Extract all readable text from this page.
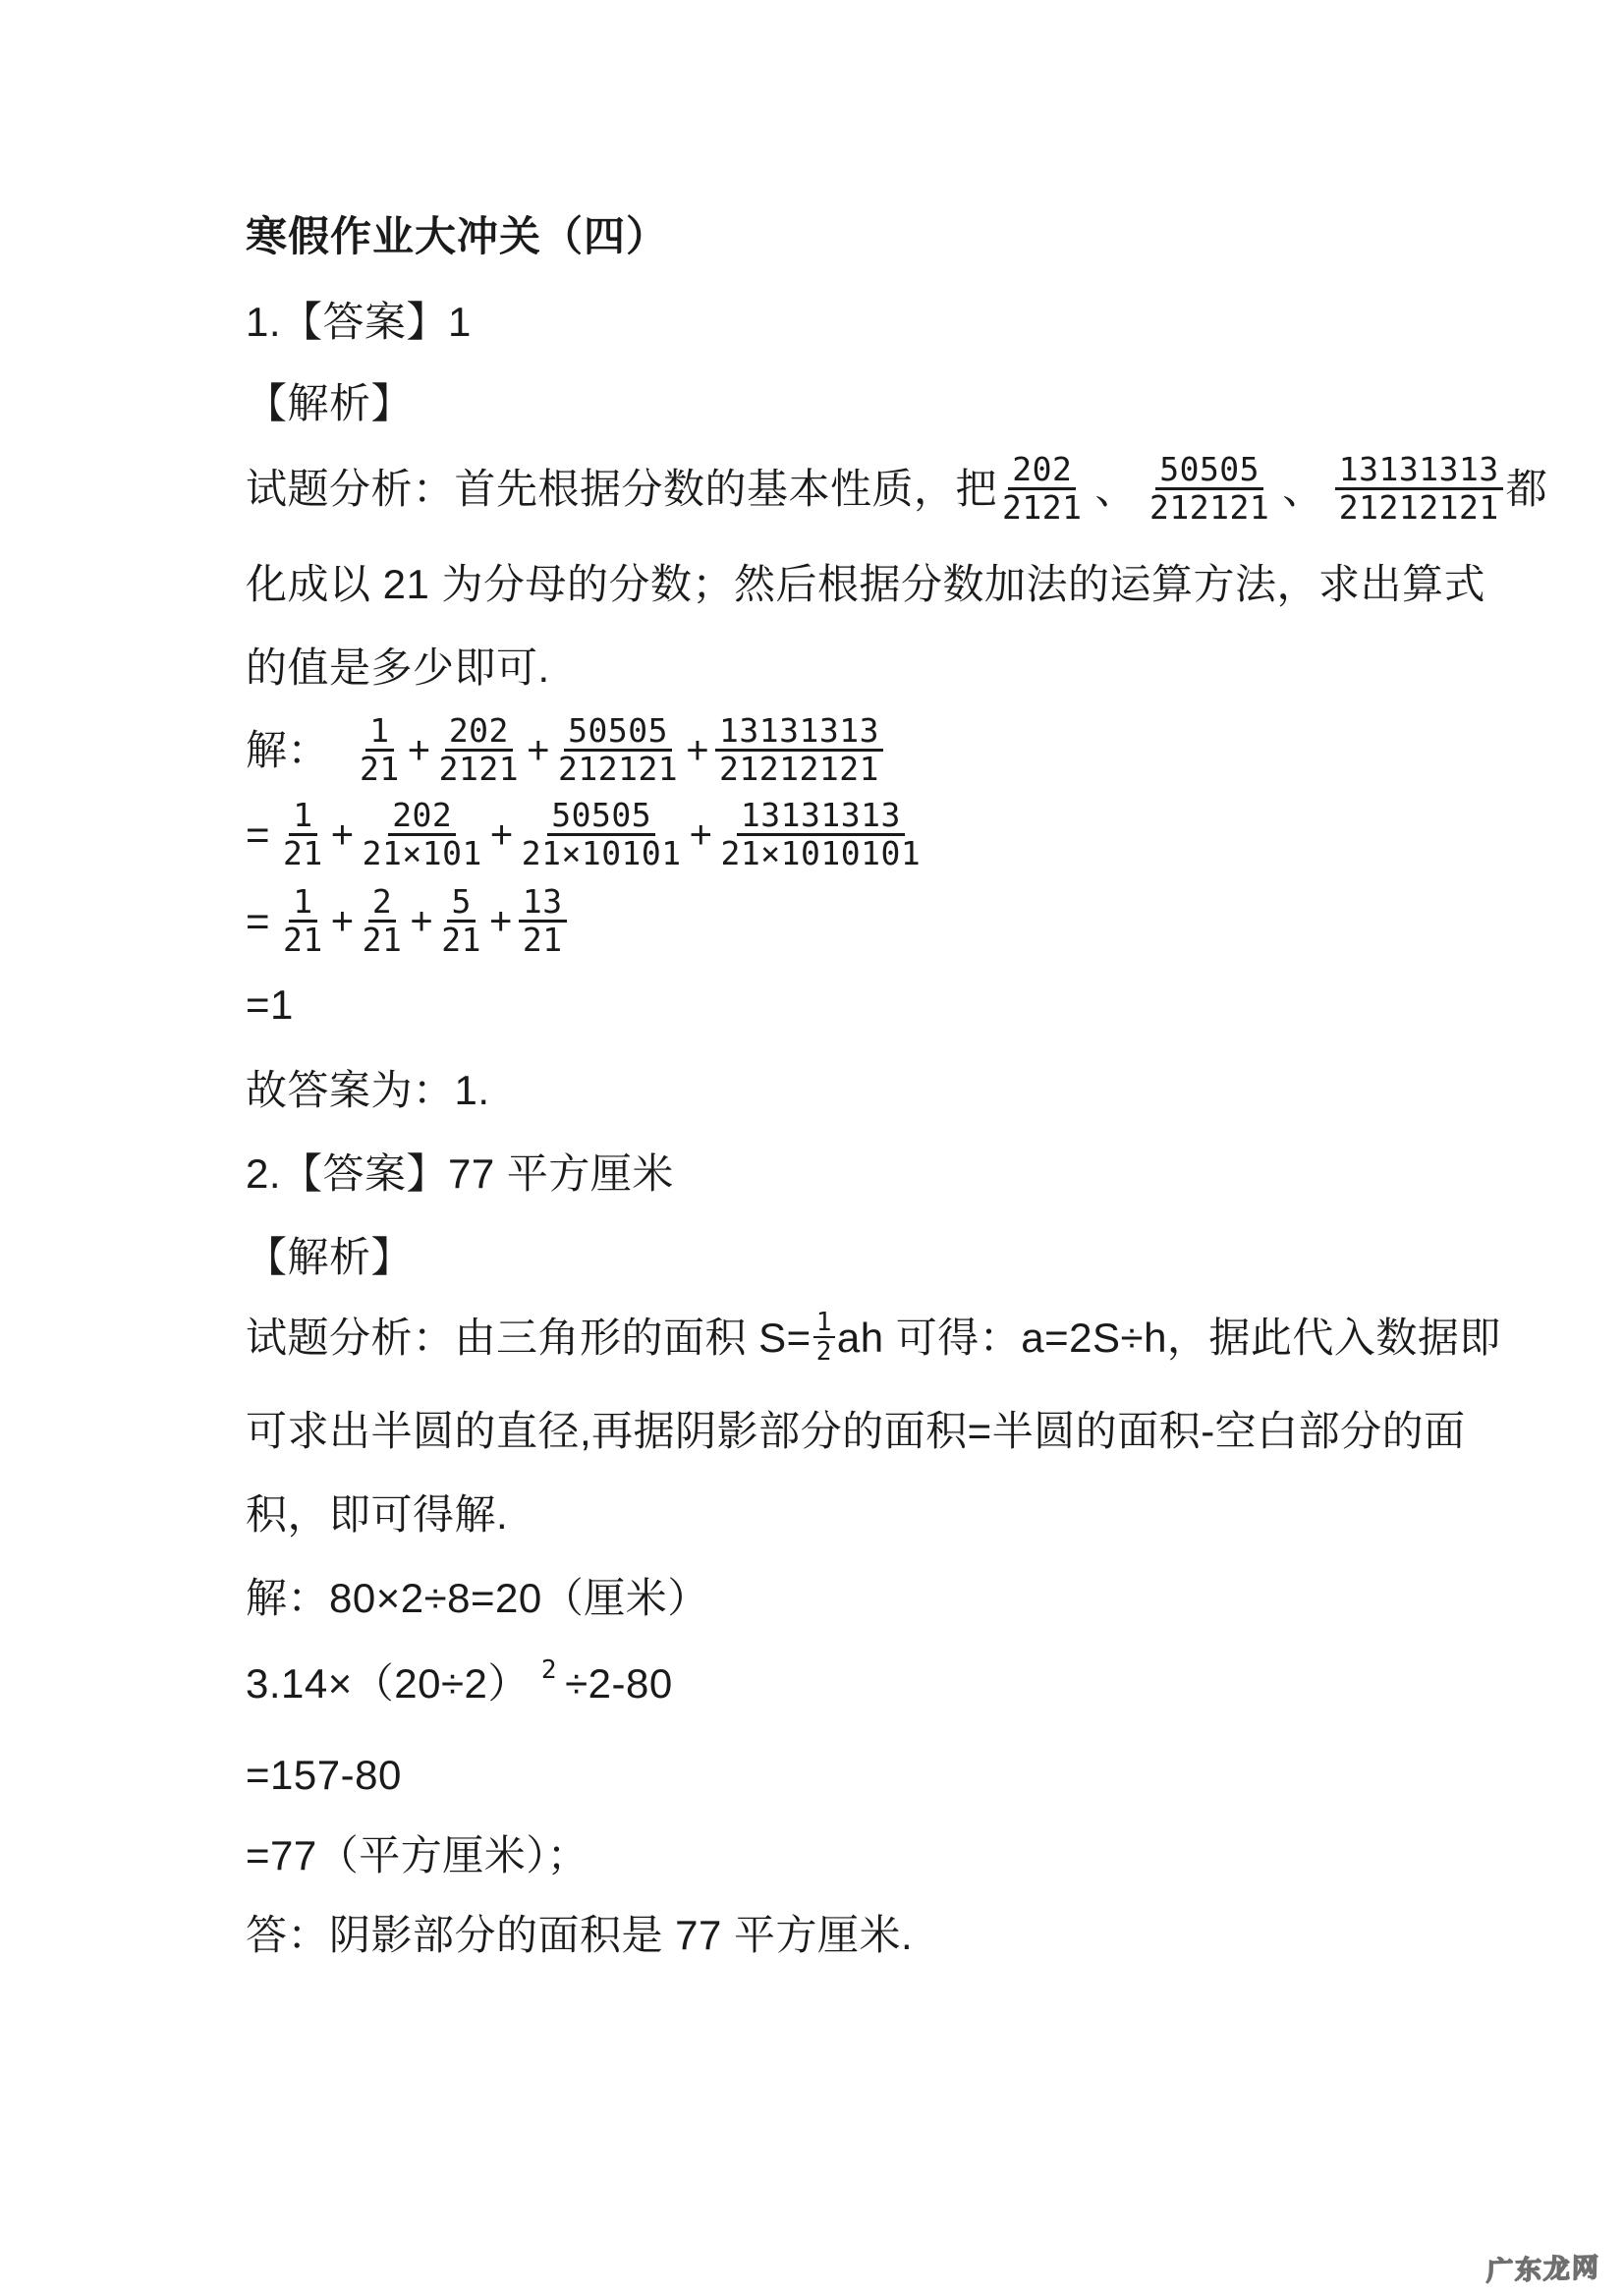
寒假作业大冲关（四）
1.【答案】1
【解析】
试题分析：首先根据分数的基本性质，把 $\frac{202}{2121}$ 、 $\frac{50505}{212121}$ 、 $\frac{13131313}{21212121}$ 都
化成以 21 为分母的分数；然后根据分数加法的运算方法，求出算式
的值是多少即可.
解： $\frac{1}{21} + \frac{202}{2121} + \frac{50505}{212121} + \frac{13131313}{21212121}$
= $\frac{1}{21} + \frac{202}{21\times 101} + \frac{50505}{21\times 10101} + \frac{13131313}{21\times 1010101}$
= $\frac{1}{21} + \frac{2}{21} + \frac{5}{21} + \frac{13}{21}$
=1
故答案为：1.
2.【答案】77 平方厘米
【解析】
试题分析：由三角形的面积 $S= \frac{1}{2}$ ah 可得：a=2S÷h，据此代入数据即
可求出半圆的直径,再据阴影部分的面积=半圆的面积-空白部分的面
积，即可得解.
解：80×2÷8=20（厘米）
3.14×（20÷2） $^2$ ÷2-80
=157-80
=77（平方厘米）；
答：阴影部分的面积是 77 平方厘米.
广东龙网
